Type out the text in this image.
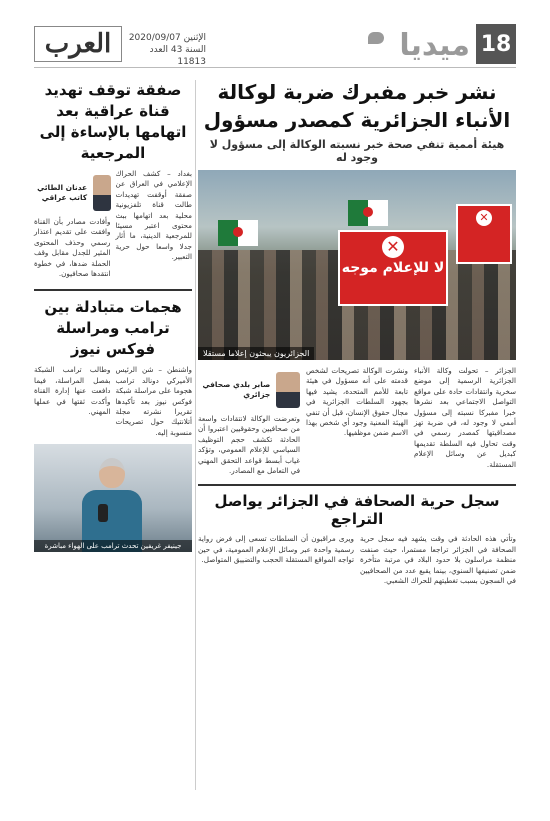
18
ميديا
العرب	الإثنين 2020/09/07
السنة 43 العدد 11813
نشر خبر مفبرك ضربة لوكالة الأنباء الجزائرية كمصدر مسؤول
هيئة أممية تنفي صحة خبر نسبته الوكالة إلى مسؤول لا وجود له
✕
لا للإعلام موجه
✕
الجزائريون يبحثون إعلاما مستقلا

الجزائر – تحولت وكالة الأنباء الجزائرية الرسمية إلى موضع سخرية وانتقادات حادة على مواقع التواصل الاجتماعي بعد نشرها خبرا مفبركا نسبته إلى مسؤول أممي لا وجود له، في ضربة تهز مصداقيتها كمصدر رسمي في وقت تحاول فيه السلطة تقديمها كبديل عن وسائل الإعلام المستقلة.

ونشرت الوكالة تصريحات لشخص قدمته على أنه مسؤول في هيئة تابعة للأمم المتحدة، يشيد فيها بجهود السلطات الجزائرية في مجال حقوق الإنسان، قبل أن تنفي الهيئة المعنية وجود أي شخص بهذا الاسم ضمن موظفيها.

صابر بلدي صحافي جزائري

وتعرضت الوكالة لانتقادات واسعة من صحافيين وحقوقيين اعتبروا أن الحادثة تكشف حجم التوظيف السياسي للإعلام العمومي، وتؤكد غياب أبسط قواعد التحقق المهني في التعامل مع المصادر.

سجل حرية الصحافة في الجزائر يواصل التراجع

وتأتي هذه الحادثة في وقت يشهد فيه سجل حرية الصحافة في الجزائر تراجعا مستمرا، حيث صنفت منظمة مراسلون بلا حدود البلاد في مرتبة متأخرة ضمن تصنيفها السنوي، بينما يقبع عدد من الصحافيين في السجون بسبب تغطيتهم للحراك الشعبي.

ويرى مراقبون أن السلطات تسعى إلى فرض رواية رسمية واحدة عبر وسائل الإعلام العمومية، في حين تواجه المواقع المستقلة الحجب والتضييق المتواصل.

صفقة توقف تهديد قناة عراقية بعد اتهامها بالإساءة إلى المرجعية

بغداد – كشف الحراك الإعلامي في العراق عن صفقة أوقفت تهديدات طالت قناة تلفزيونية محلية بعد اتهامها ببث محتوى اعتبر مسيئا للمرجعية الدينية، ما أثار جدلا واسعا حول حرية التعبير.

عدنان الطائي كاتب عراقي

وأفادت مصادر بأن القناة وافقت على تقديم اعتذار رسمي وحذف المحتوى المثير للجدل مقابل وقف الحملة ضدها، في خطوة انتقدها صحافيون.

هجمات متبادلة بين ترامب ومراسلة فوكس نيوز

واشنطن – شن الرئيس الأميركي دونالد ترامب هجوما على مراسلة شبكة فوكس نيوز بعد تأكيدها تقريرا نشرته مجلة أتلانتيك حول تصريحات منسوبة إليه.

وطالب ترامب الشبكة بفصل المراسلة، فيما دافعت عنها إدارة القناة وأكدت ثقتها في عملها المهني.

جينيفر غريفين تحدث ترامب على الهواء مباشرة
